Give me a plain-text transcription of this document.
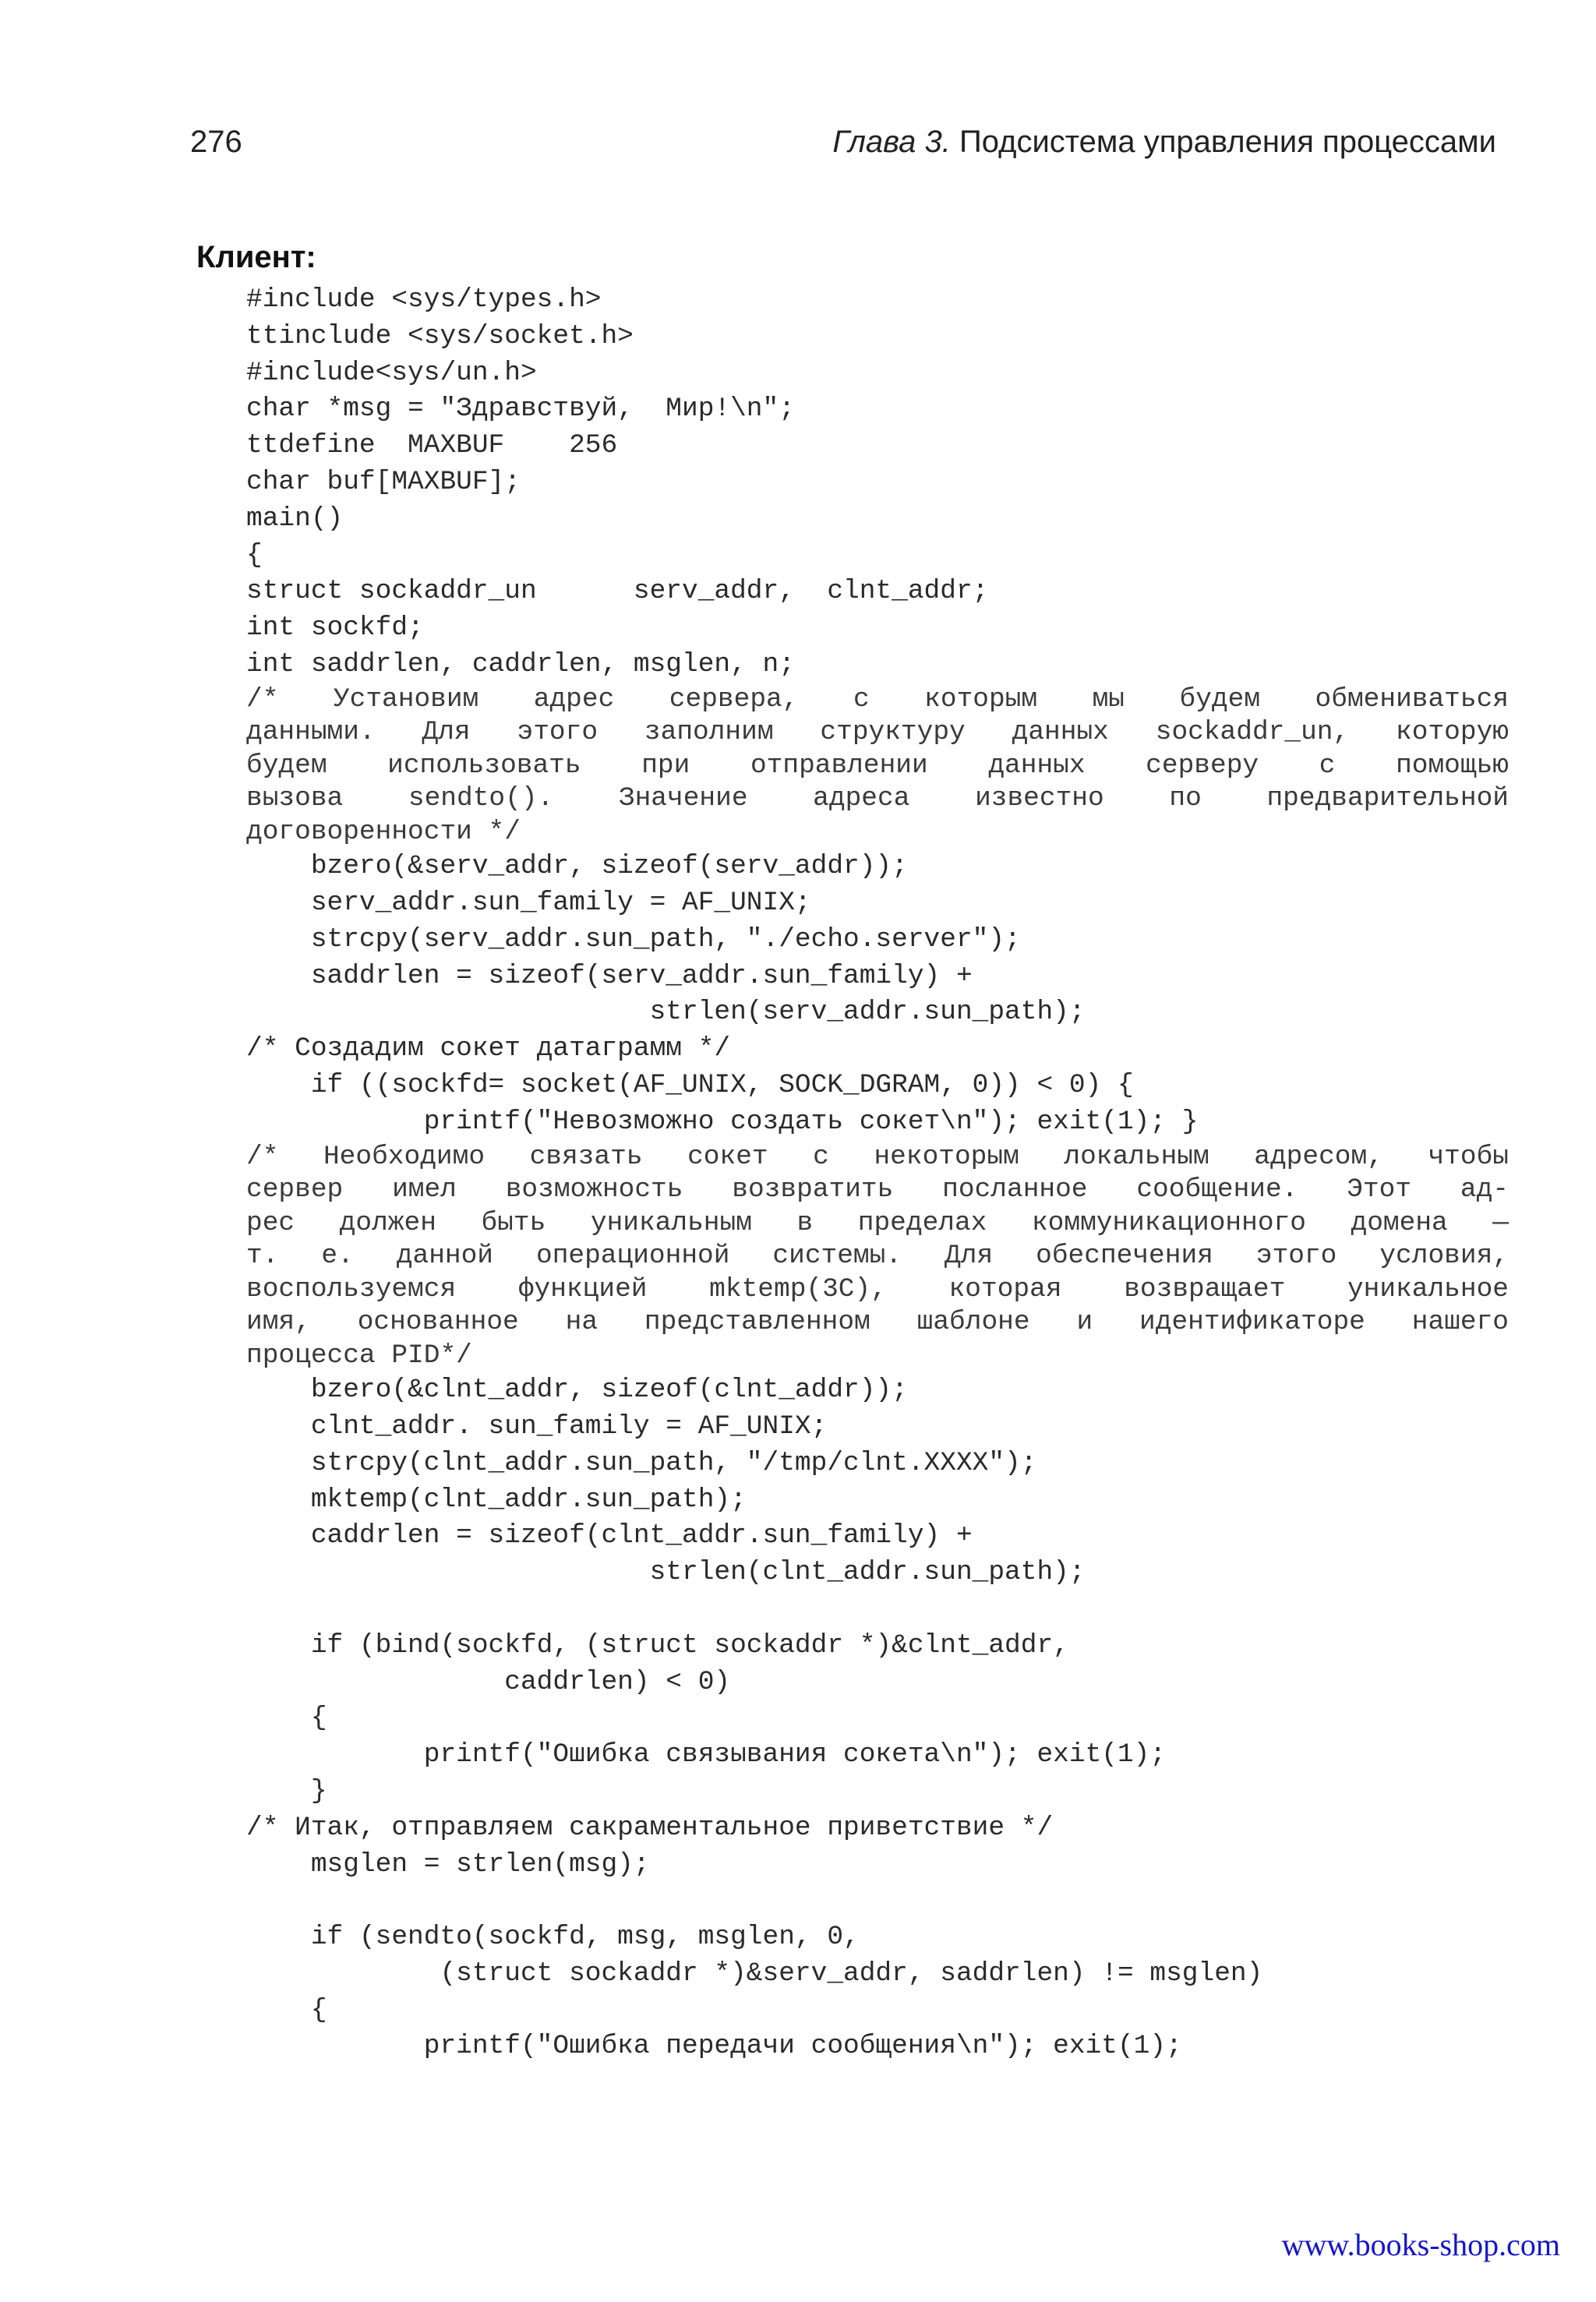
276	Глава 3. Подсистема управления процессами
Клиент:
#include <sys/types.h>
ttinclude <sys/socket.h>
#include<sys/un.h>
char *msg = "Здравствуй,  Мир!\n";
ttdefine  MAXBUF    256
char buf[MAXBUF];
main()
{
struct sockaddr_un      serv_addr,  clnt_addr;
int sockfd;
int saddrlen, caddrlen, msglen, n;
/* Установим адрес сервера, с которым мы будем обмениваться
данными. Для этого заполним структуру данных sockaddr_un, которую
будем использовать при отправлении данных серверу с помощью
вызова sendto(). Значение адреса известно по предварительной
договоренности */
bzero(&serv_addr, sizeof(serv_addr));
serv_addr.sun_family = AF_UNIX;
strcpy(serv_addr.sun_path, "./echo.server");
saddrlen = sizeof(serv_addr.sun_family) +
strlen(serv_addr.sun_path);
/* Создадим сокет датаграмм */
if ((sockfd= socket(AF_UNIX, SOCK_DGRAM, 0)) < 0) {
printf("Невозможно создать сокет\n"); exit(1); }
/* Необходимо связать сокет с некоторым локальным адресом, чтобы
сервер имел возможность возвратить посланное сообщение. Этот ад-
рес должен быть уникальным в пределах коммуникационного домена —
т. е. данной операционной системы. Для обеспечения этого условия,
воспользуемся функцией mktemp(3C), которая возвращает уникальное
имя, основанное на представленном шаблоне и идентификаторе нашего
процесса PID*/
bzero(&clnt_addr, sizeof(clnt_addr));
clnt_addr. sun_family = AF_UNIX;
strcpy(clnt_addr.sun_path, "/tmp/clnt.XXXX");
mktemp(clnt_addr.sun_path);
caddrlen = sizeof(clnt_addr.sun_family) +
strlen(clnt_addr.sun_path);

if (bind(sockfd, (struct sockaddr *)&clnt_addr,
caddrlen) < 0)
{
printf("Ошибка связывания сокета\n"); exit(1);
}
/* Итак, отправляем сакраментальное приветствие */
msglen = strlen(msg);

if (sendto(sockfd, msg, msglen, 0,
(struct sockaddr *)&serv_addr, saddrlen) != msglen)
{
printf("Ошибка передачи сообщения\n"); exit(1);
www.books-shop.com
